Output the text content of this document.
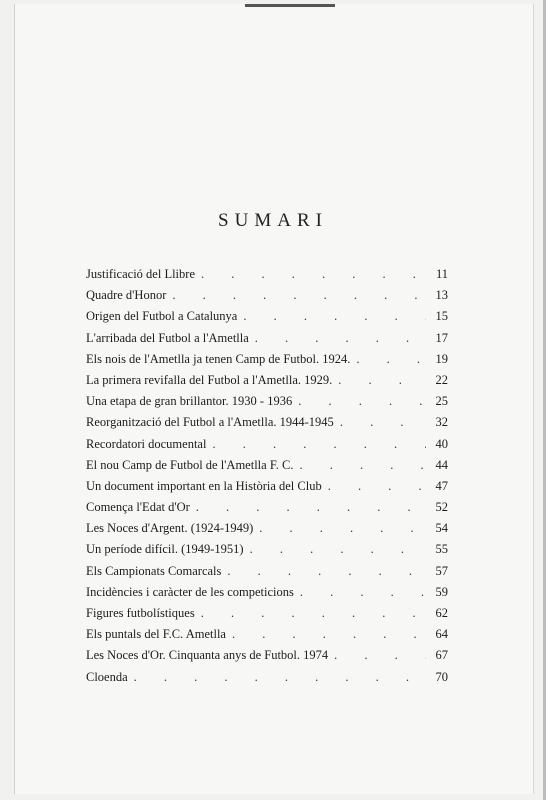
SUMARI
Justificació del Llibre . . .	11
Quadre d'Honor . . .	13
Origen del Futbol a Catalunya . . .	15
L'arribada del Futbol a l'Ametlla . . .	17
Els nois de l'Ametlla ja tenen Camp de Futbol. 1924. . . .	19
La primera revifalla del Futbol a l'Ametlla. 1929. . . .	22
Una etapa de gran brillantor. 1930 - 1936 . . .	25
Reorganització del Futbol a l'Ametlla. 1944-1945 . . .	32
Recordatori documental . . .	40
El nou Camp de Futbol de l'Ametlla F. C. . . .	44
Un document important en la Història del Club . . .	47
Comença l'Edat d'Or . . .	52
Les Noces d'Argent. (1924-1949) . . .	54
Un període difícil. (1949-1951) . . .	55
Els Campionats Comarcals . . .	57
Incidències i caràcter de les competicions . . .	59
Figures futbolístiques . . .	62
Els puntals del F.C. Ametlla . . .	64
Les Noces d'Or. Cinquanta anys de Futbol. 1974 . . .	67
Cloenda . . .	70
